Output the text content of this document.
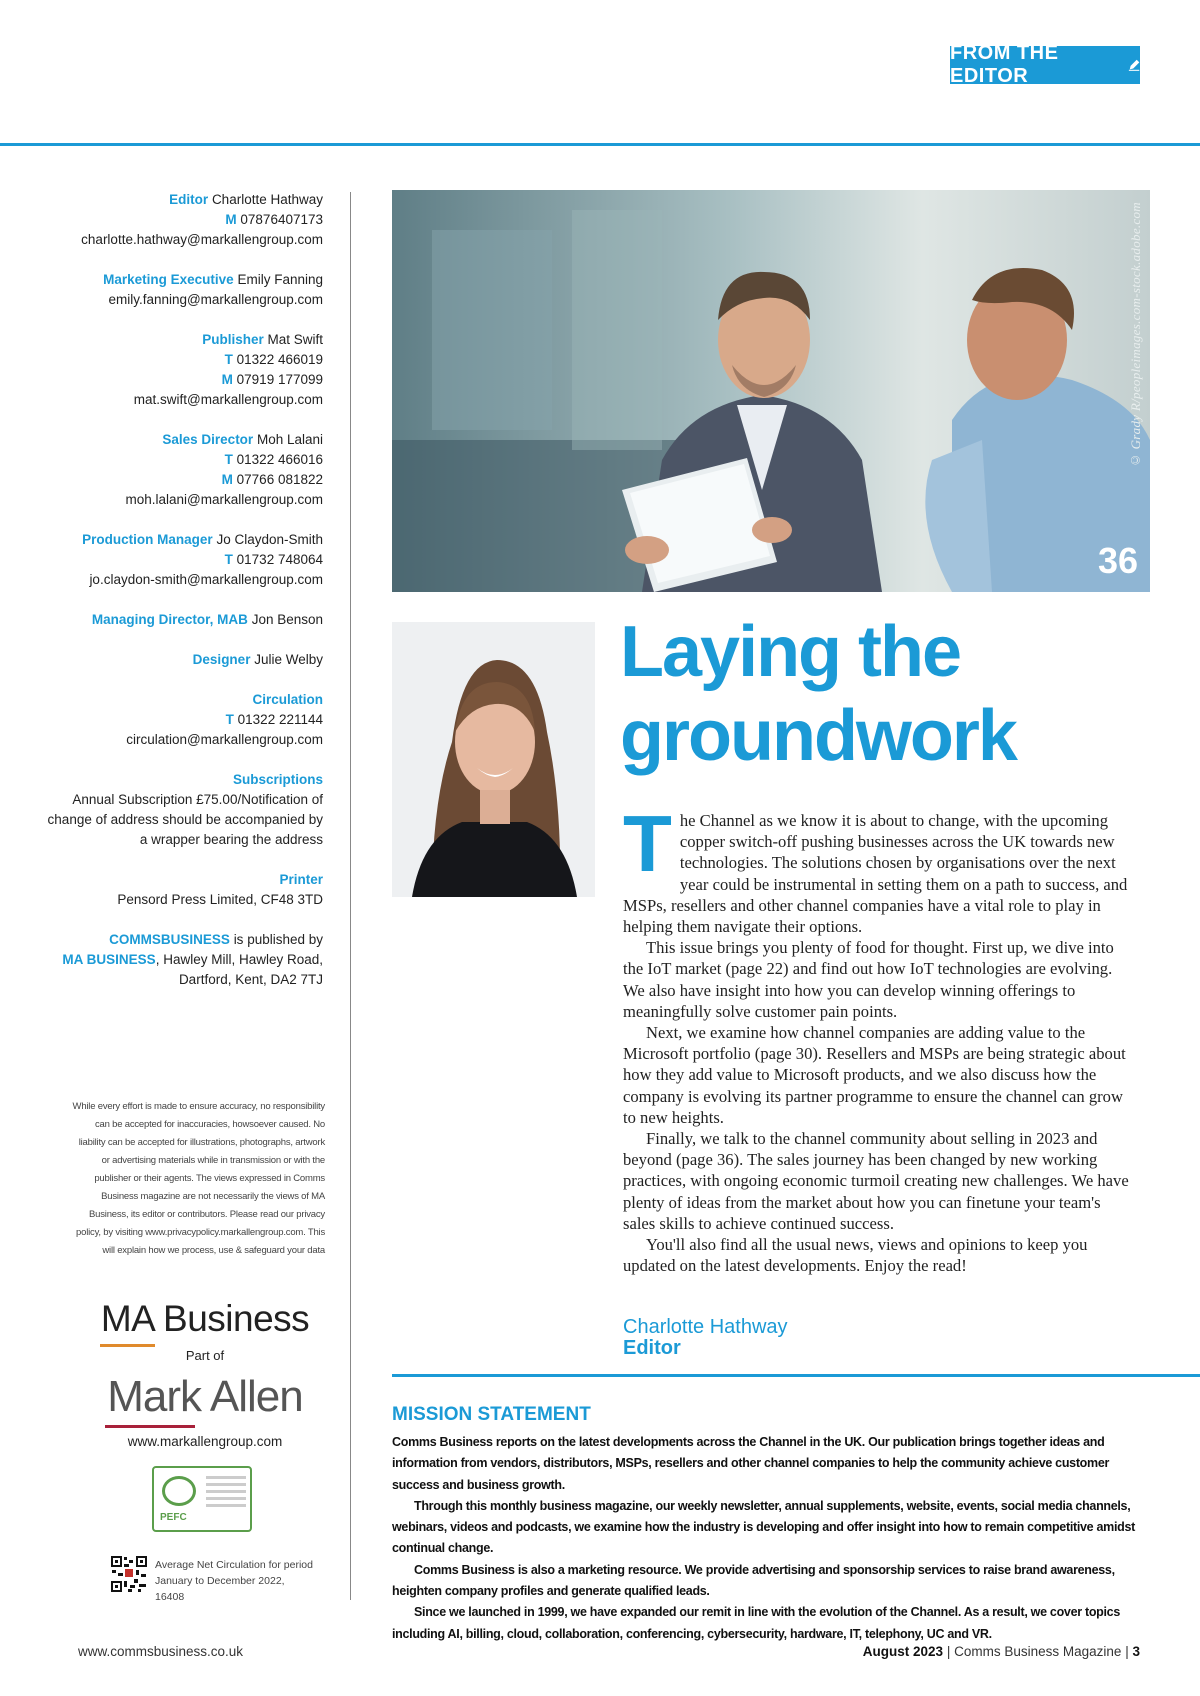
FROM THE EDITOR
Editor Charlotte Hathway
M 07876407173
charlotte.hathway@markallengroup.com
Marketing Executive Emily Fanning
emily.fanning@markallengroup.com
Publisher Mat Swift
T 01322 466019
M 07919 177099
mat.swift@markallengroup.com
Sales Director Moh Lalani
T 01322 466016
M 07766 081822
moh.lalani@markallengroup.com
Production Manager Jo Claydon-Smith
T 01732 748064
jo.claydon-smith@markallengroup.com
Managing Director, MAB Jon Benson
Designer Julie Welby
Circulation
T 01322 221144
circulation@markallengroup.com
Subscriptions
Annual Subscription £75.00/Notification of
change of address should be accompanied by
a wrapper bearing the address
Printer
Pensord Press Limited, CF48 3TD
COMMSBUSINESS is published by
MA BUSINESS, Hawley Mill, Hawley Road,
Dartford, Kent, DA2 7TJ
While every effort is made to ensure accuracy, no responsibility can be accepted for inaccuracies, howsoever caused. No liability can be accepted for illustrations, photographs, artwork or advertising materials while in transmission or with the publisher or their agents. The views expressed in Comms Business magazine are not necessarily the views of MA Business, its editor or contributors. Please read our privacy policy, by visiting www.privacypolicy.markallengroup.com. This will explain how we process, use & safeguard your data
MA Business
Part of
Mark Allen
www.markallengroup.com
PEFC
Average Net Circulation for period January to December 2022, 16408
© Grady R/peopleimages.com-stock.adobe.com
36
Laying the
groundwork

The Channel as we know it is about to change, with the upcoming copper switch-off pushing businesses across the UK towards new technologies. The solutions chosen by organisations over the next year could be instrumental in setting them on a path to success, and MSPs, resellers and other channel companies have a vital role to play in helping them navigate their options.

This issue brings you plenty of food for thought. First up, we dive into the IoT market (page 22) and find out how IoT technologies are evolving. We also have insight into how you can develop winning offerings to meaningfully solve customer pain points.

Next, we examine how channel companies are adding value to the Microsoft portfolio (page 30). Resellers and MSPs are being strategic about how they add value to Microsoft products, and we also discuss how the company is evolving its partner programme to ensure the channel can grow to new heights.

Finally, we talk to the channel community about selling in 2023 and beyond (page 36). The sales journey has been changed by new working practices, with ongoing economic turmoil creating new challenges. We have plenty of ideas from the market about how you can finetune your team's sales skills to achieve continued success.

You'll also find all the usual news, views and opinions to keep you updated on the latest developments. Enjoy the read!

Charlotte Hathway
Editor
MISSION STATEMENT

Comms Business reports on the latest developments across the Channel in the UK. Our publication brings together ideas and information from vendors, distributors, MSPs, resellers and other channel companies to help the community achieve customer success and business growth.

Through this monthly business magazine, our weekly newsletter, annual supplements, website, events, social media channels, webinars, videos and podcasts, we examine how the industry is developing and offer insight into how to remain competitive amidst continual change.

Comms Business is also a marketing resource. We provide advertising and sponsorship services to raise brand awareness, heighten company profiles and generate qualified leads.

Since we launched in 1999, we have expanded our remit in line with the evolution of the Channel. As a result, we cover topics including AI, billing, cloud, collaboration, conferencing, cybersecurity, hardware, IT, telephony, UC and VR.

www.commsbusiness.co.uk	August 2023 | Comms Business Magazine | 3
